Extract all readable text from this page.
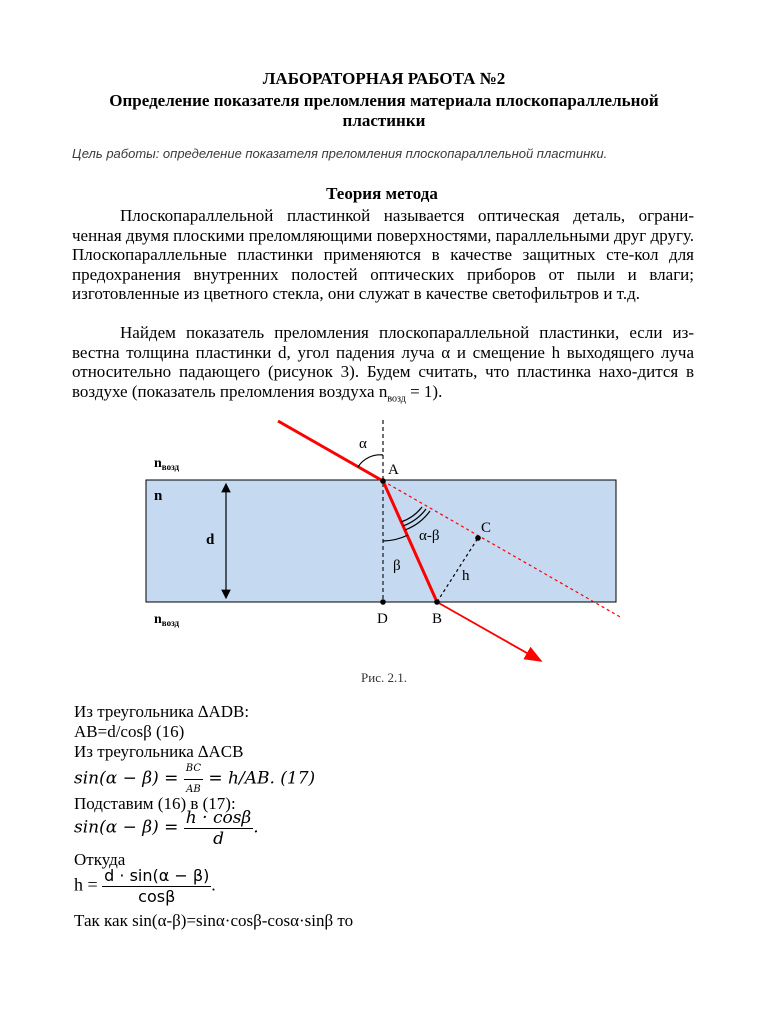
ЛАБОРАТОРНАЯ РАБОТА №2
Определение показателя преломления материала плоскопараллельной
пластинки
Цель работы: определение показателя преломления плоскопараллельной пластинки.
Теория метода

Плоскопараллельной пластинкой называется оптическая деталь, ограни-ченная двумя плоскими преломляющими поверхностями, параллельными друг другу. Плоскопараллельные пластинки применяются в качестве защитных сте-кол для предохранения внутренних полостей оптических приборов от пыли и влаги; изготовленные из цветного стекла, они служат в качестве светофильтров и т.д.

Найдем показатель преломления плоскопараллельной пластинки, если из-вестна толщина пластинки d, угол падения луча α и смещение h выходящего луча относительно падающего (рисунок 3). Будем считать, что пластинка нахо-дится в воздухе (показатель преломления воздуха $n_{возд} = 1$).

$n_{возд}$
n
$n_{возд}$
d
α
A
α-β	C
β
h
D	B
Рис. 2.1.
Из треугольника ∆ADB:
AB=d/cosβ (16)
Из треугольника ∆ACB
$\sin(\alpha - \beta) = \frac{BC}{AB} = h/AB$. (17)
Подставим (16) в (17):
$\sin(\alpha - \beta) = \frac{h \cdot \cos\beta}{d}$ .
Откуда
$h = \frac{d \cdot \sin(\alpha - \beta)}{\cos\beta}$ .
Так как sin(α-β)=sinα·cosβ-cosα·sinβ то
